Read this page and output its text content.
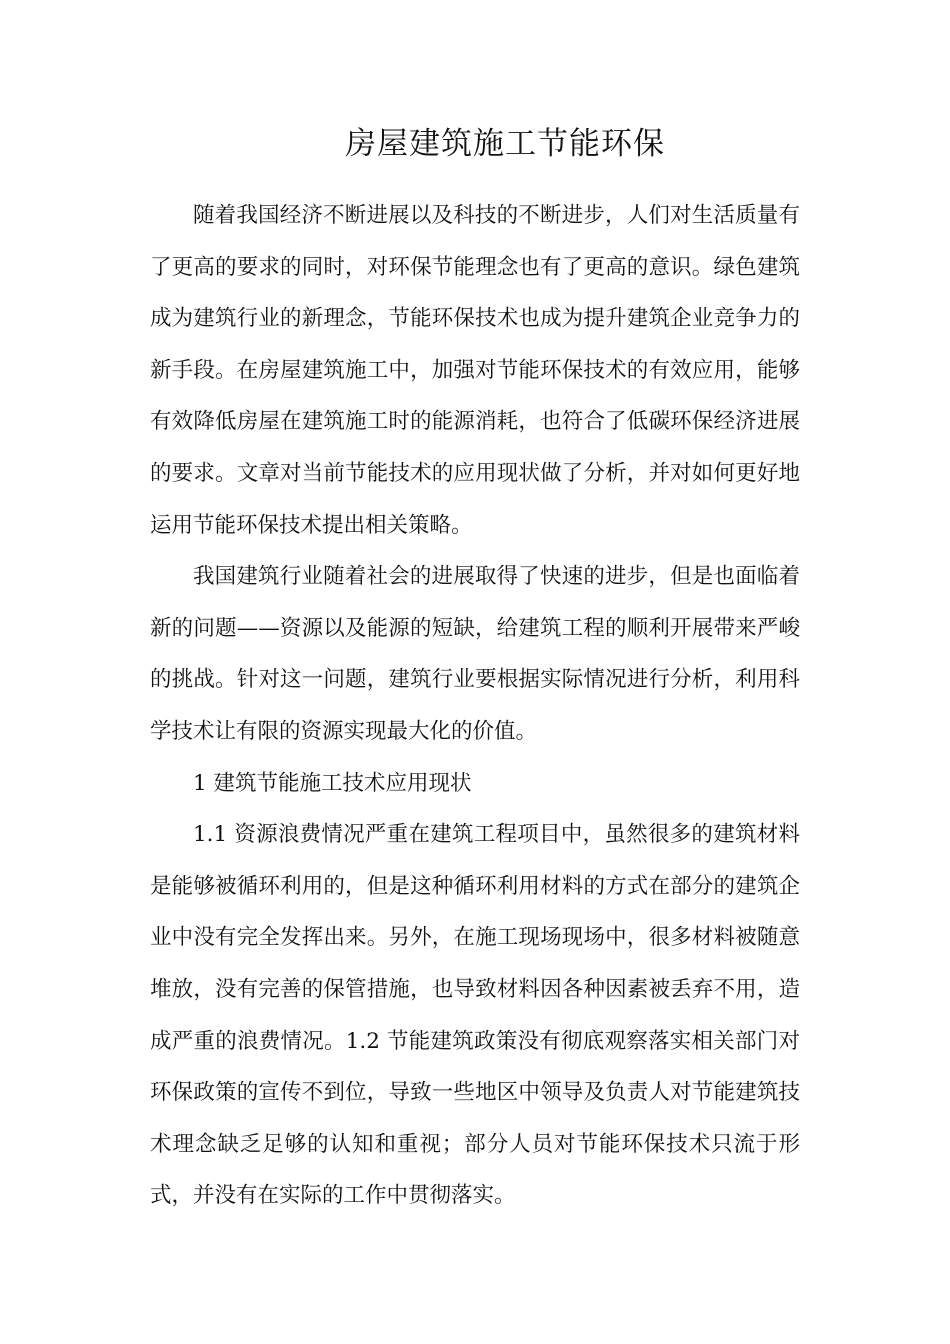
房屋建筑施工节能环保

随着我国经济不断进展以及科技的不断进步，人们对生活质量有了更高的要求的同时，对环保节能理念也有了更高的意识。绿色建筑成为建筑行业的新理念，节能环保技术也成为提升建筑企业竞争力的新手段。在房屋建筑施工中，加强对节能环保技术的有效应用，能够有效降低房屋在建筑施工时的能源消耗，也符合了低碳环保经济进展的要求。文章对当前节能技术的应用现状做了分析，并对如何更好地运用节能环保技术提出相关策略。

我国建筑行业随着社会的进展取得了快速的进步，但是也面临着新的问题——资源以及能源的短缺，给建筑工程的顺利开展带来严峻的挑战。针对这一问题，建筑行业要根据实际情况进行分析，利用科学技术让有限的资源实现最大化的价值。

1 建筑节能施工技术应用现状

1.1 资源浪费情况严重在建筑工程项目中，虽然很多的建筑材料是能够被循环利用的，但是这种循环利用材料的方式在部分的建筑企业中没有完全发挥出来。另外，在施工现场现场中，很多材料被随意堆放，没有完善的保管措施，也导致材料因各种因素被丢弃不用，造成严重的浪费情况。1.2 节能建筑政策没有彻底观察落实相关部门对环保政策的宣传不到位，导致一些地区中领导及负责人对节能建筑技术理念缺乏足够的认知和重视；部分人员对节能环保技术只流于形式，并没有在实际的工作中贯彻落实。
